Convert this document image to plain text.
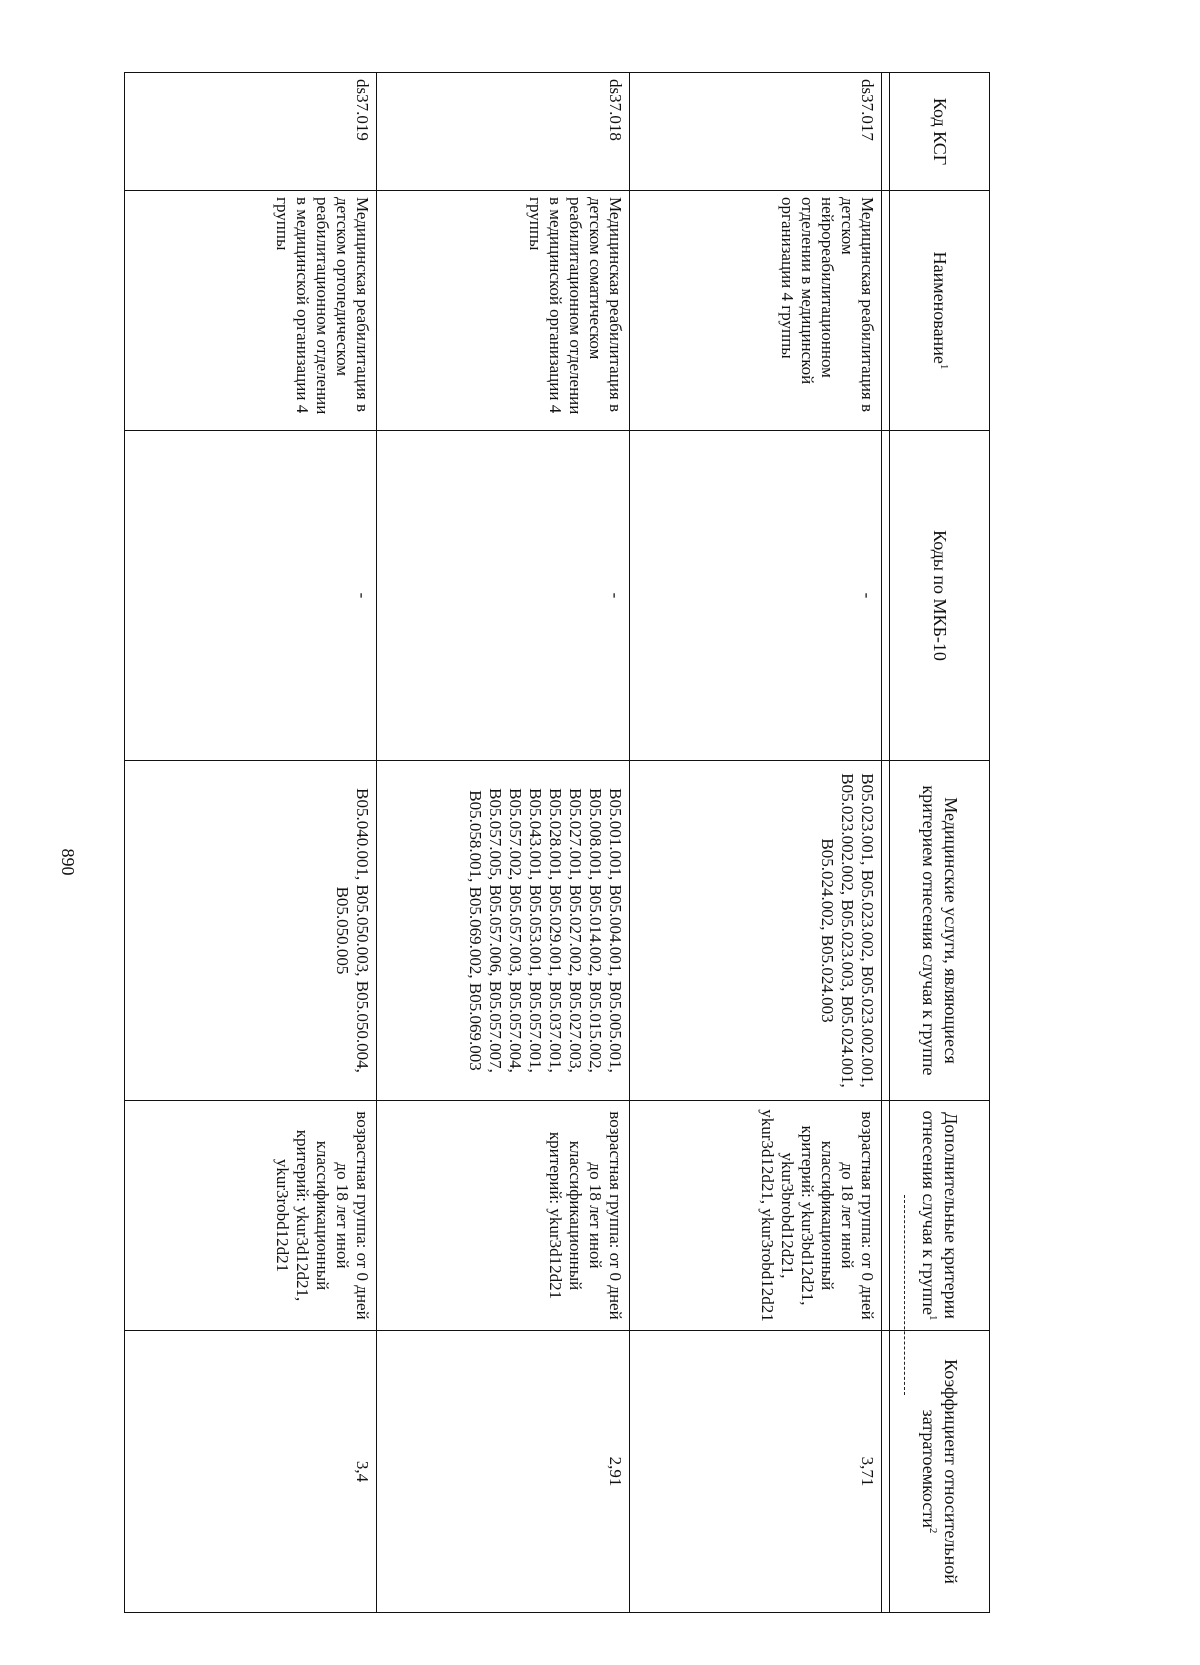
890
Код КСГ	Наименование$^1$	Коды по МКБ-10	Медицинские услуги, являющиеся критерием отнесения случая к группе	Дополнительные критерии отнесения случая к группе$^1$	Коэффициент относительной затратоемкости$^2$

ds37.017	Медицинская реабилитация в детском нейрореабилитационном отделении в медицинской организации 4 группы	-	B05.023.001, B05.023.002, B05.023.002.001, B05.023.002.002, B05.023.003, B05.024.001, B05.024.002, B05.024.003	возрастная группа: от 0 дней до 18 лет иной классификационный критерий: ykur3bd12d21, ykur3brobd12d21, ykur3d12d21, ykur3robd12d21	3,71
ds37.018	Медицинская реабилитация в детском соматическом реабилитационном отделении в медицинской организации 4 группы	-	B05.001.001, B05.004.001, B05.005.001, B05.008.001, B05.014.002, B05.015.002, B05.027.001, B05.027.002, B05.027.003, B05.028.001, B05.029.001, B05.037.001, B05.043.001, B05.053.001, B05.057.001, B05.057.002, B05.057.003, B05.057.004, B05.057.005, B05.057.006, B05.057.007, B05.058.001, B05.069.002, B05.069.003	возрастная группа: от 0 дней до 18 лет иной классификационный критерий: ykur3d12d21	2,91
ds37.019	Медицинская реабилитация в детском ортопедическом реабилитационном отделении в медицинской организации 4 группы	-	B05.040.001, B05.050.003, B05.050.004, B05.050.005	возрастная группа: от 0 дней до 18 лет иной классификационный критерий: ykur3d12d21, ykur3robd12d21	3,4
